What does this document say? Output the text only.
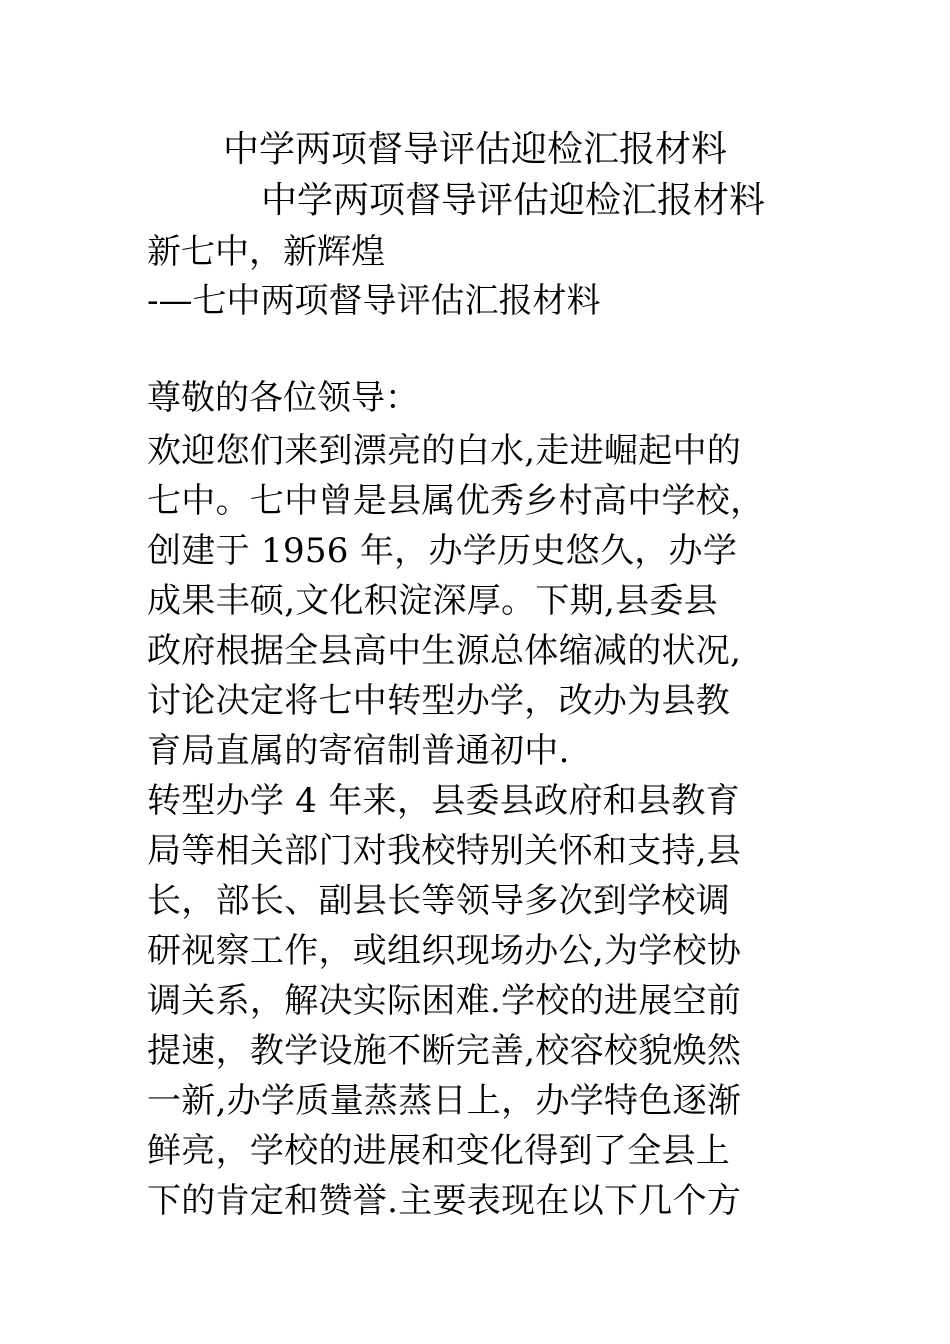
中学两项督导评估迎检汇报材料
中学两项督导评估迎检汇报材料
新七中，新辉煌
-—七中两项督导评估汇报材料
尊敬的各位领导：
欢迎您们来到漂亮的白水,走进崛起中的
七中。七中曾是县属优秀乡村高中学校，
创建于 1956 年，办学历史悠久，办学
成果丰硕,文化积淀深厚。下期,县委县
政府根据全县高中生源总体缩减的状况,
讨论决定将七中转型办学，改办为县教
育局直属的寄宿制普通初中.
转型办学 4 年来，县委县政府和县教育
局等相关部门对我校特别关怀和支持,县
长，部长、副县长等领导多次到学校调
研视察工作，或组织现场办公,为学校协
调关系，解决实际困难.学校的进展空前
提速，教学设施不断完善,校容校貌焕然
一新,办学质量蒸蒸日上，办学特色逐渐
鲜亮，学校的进展和变化得到了全县上
下的肯定和赞誉.主要表现在以下几个方
